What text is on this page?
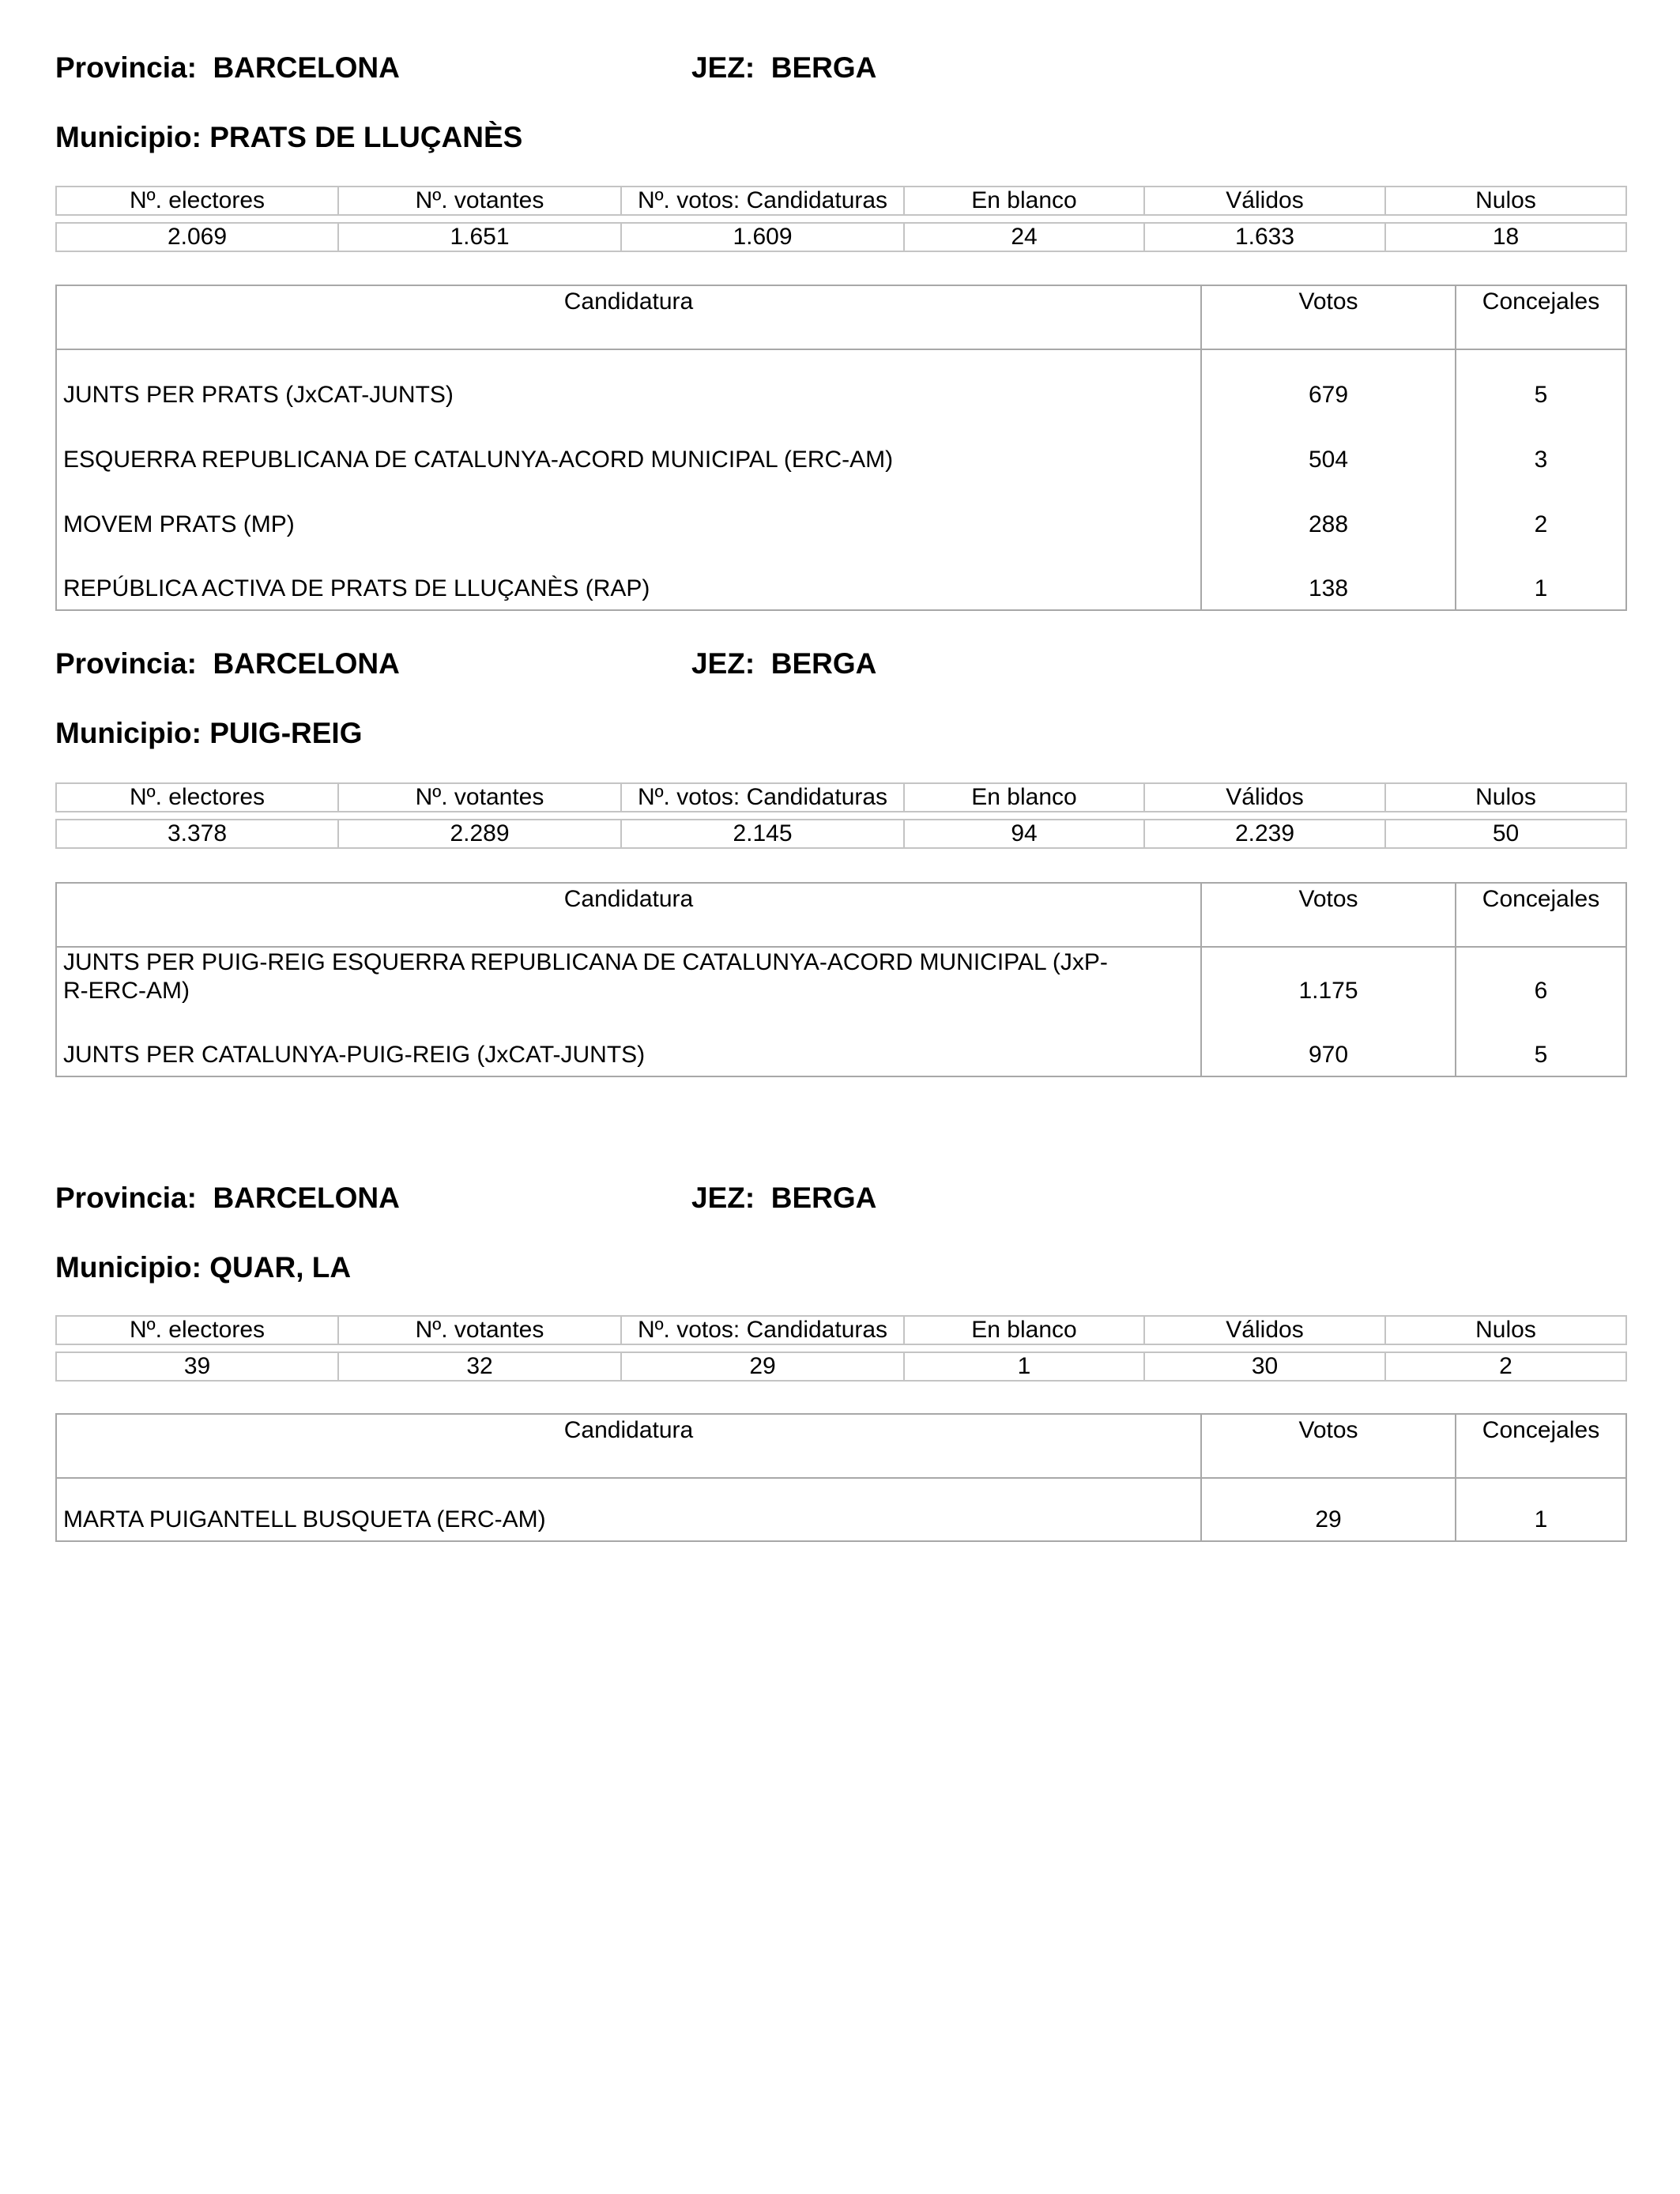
Provincia:  BARCELONA	JEZ:  BERGA
Municipio: PRATS DE LLUÇANÈS
Nº. electores	Nº. votantes	Nº. votos: Candidaturas	En blanco	Válidos	Nulos

2.069	1.651	1.609	24	1.633	18
Candidatura	Votos	Concejales
JUNTS PER PRATS (JxCAT-JUNTS)	679	5
ESQUERRA REPUBLICANA DE CATALUNYA-ACORD MUNICIPAL (ERC-AM)	504	3
MOVEM PRATS (MP)	288	2
REPÚBLICA ACTIVA DE PRATS DE LLUÇANÈS (RAP)	138	1
Provincia:  BARCELONA	JEZ:  BERGA
Municipio: PUIG-REIG
Nº. electores	Nº. votantes	Nº. votos: Candidaturas	En blanco	Válidos	Nulos

3.378	2.289	2.145	94	2.239	50
Candidatura	Votos	Concejales
JUNTS PER PUIG-REIG ESQUERRA REPUBLICANA DE CATALUNYA-ACORD MUNICIPAL (JxP-R-ERC-AM)	1.175	6
JUNTS PER CATALUNYA-PUIG-REIG (JxCAT-JUNTS)	970	5
Provincia:  BARCELONA	JEZ:  BERGA
Municipio: QUAR, LA
Nº. electores	Nº. votantes	Nº. votos: Candidaturas	En blanco	Válidos	Nulos

39	32	29	1	30	2
Candidatura	Votos	Concejales
MARTA PUIGANTELL BUSQUETA (ERC-AM)	29	1
